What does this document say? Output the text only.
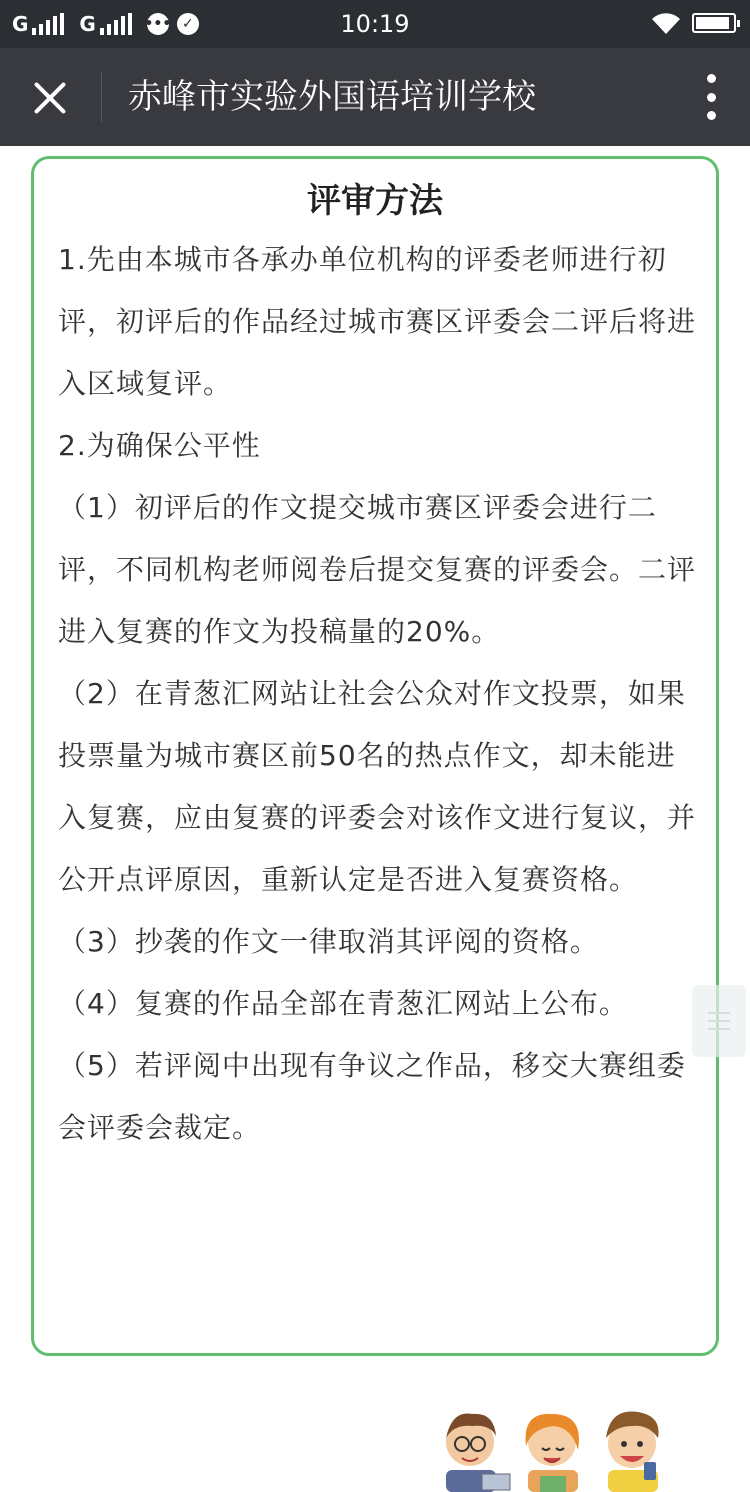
G	G	••• ✓	10:19
赤峰市实验外国语培训学校
评审方法

1.先由本城市各承办单位机构的评委老师进行初评，初评后的作品经过城市赛区评委会二评后将进入区域复评。

2.为确保公平性

（1）初评后的作文提交城市赛区评委会进行二评，不同机构老师阅卷后提交复赛的评委会。二评进入复赛的作文为投稿量的20%。

（2）在青葱汇网站让社会公众对作文投票，如果投票量为城市赛区前50名的热点作文，却未能进入复赛，应由复赛的评委会对该作文进行复议，并公开点评原因，重新认定是否进入复赛资格。

（3）抄袭的作文一律取消其评阅的资格。

（4）复赛的作品全部在青葱汇网站上公布。

（5）若评阅中出现有争议之作品，移交大赛组委会评委会裁定。
